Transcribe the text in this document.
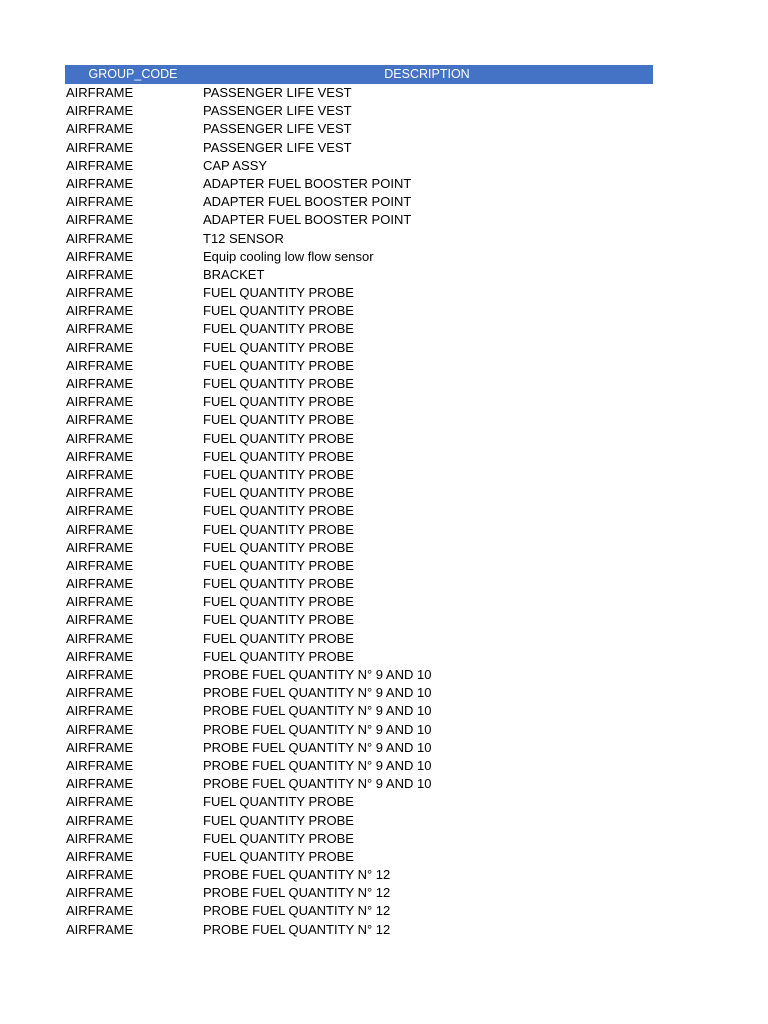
GROUP_CODE	DESCRIPTION
AIRFRAME	PASSENGER LIFE VEST
AIRFRAME	PASSENGER LIFE VEST
AIRFRAME	PASSENGER LIFE VEST
AIRFRAME	PASSENGER LIFE VEST
AIRFRAME	CAP ASSY
AIRFRAME	ADAPTER FUEL BOOSTER POINT
AIRFRAME	ADAPTER FUEL BOOSTER POINT
AIRFRAME	ADAPTER FUEL BOOSTER POINT
AIRFRAME	T12 SENSOR
AIRFRAME	Equip cooling low flow sensor
AIRFRAME	BRACKET
AIRFRAME	FUEL QUANTITY PROBE
AIRFRAME	FUEL QUANTITY PROBE
AIRFRAME	FUEL QUANTITY PROBE
AIRFRAME	FUEL QUANTITY PROBE
AIRFRAME	FUEL QUANTITY PROBE
AIRFRAME	FUEL QUANTITY PROBE
AIRFRAME	FUEL QUANTITY PROBE
AIRFRAME	FUEL QUANTITY PROBE
AIRFRAME	FUEL QUANTITY PROBE
AIRFRAME	FUEL QUANTITY PROBE
AIRFRAME	FUEL QUANTITY PROBE
AIRFRAME	FUEL QUANTITY PROBE
AIRFRAME	FUEL QUANTITY PROBE
AIRFRAME	FUEL QUANTITY PROBE
AIRFRAME	FUEL QUANTITY PROBE
AIRFRAME	FUEL QUANTITY PROBE
AIRFRAME	FUEL QUANTITY PROBE
AIRFRAME	FUEL QUANTITY PROBE
AIRFRAME	FUEL QUANTITY PROBE
AIRFRAME	FUEL QUANTITY PROBE
AIRFRAME	FUEL QUANTITY PROBE
AIRFRAME	PROBE FUEL QUANTITY N° 9 AND 10
AIRFRAME	PROBE FUEL QUANTITY N° 9 AND 10
AIRFRAME	PROBE FUEL QUANTITY N° 9 AND 10
AIRFRAME	PROBE FUEL QUANTITY N° 9 AND 10
AIRFRAME	PROBE FUEL QUANTITY N° 9 AND 10
AIRFRAME	PROBE FUEL QUANTITY N° 9 AND 10
AIRFRAME	PROBE FUEL QUANTITY N° 9 AND 10
AIRFRAME	FUEL QUANTITY PROBE
AIRFRAME	FUEL QUANTITY PROBE
AIRFRAME	FUEL QUANTITY PROBE
AIRFRAME	FUEL QUANTITY PROBE
AIRFRAME	PROBE FUEL QUANTITY N° 12
AIRFRAME	PROBE FUEL QUANTITY N° 12
AIRFRAME	PROBE FUEL QUANTITY N° 12
AIRFRAME	PROBE FUEL QUANTITY N° 12
